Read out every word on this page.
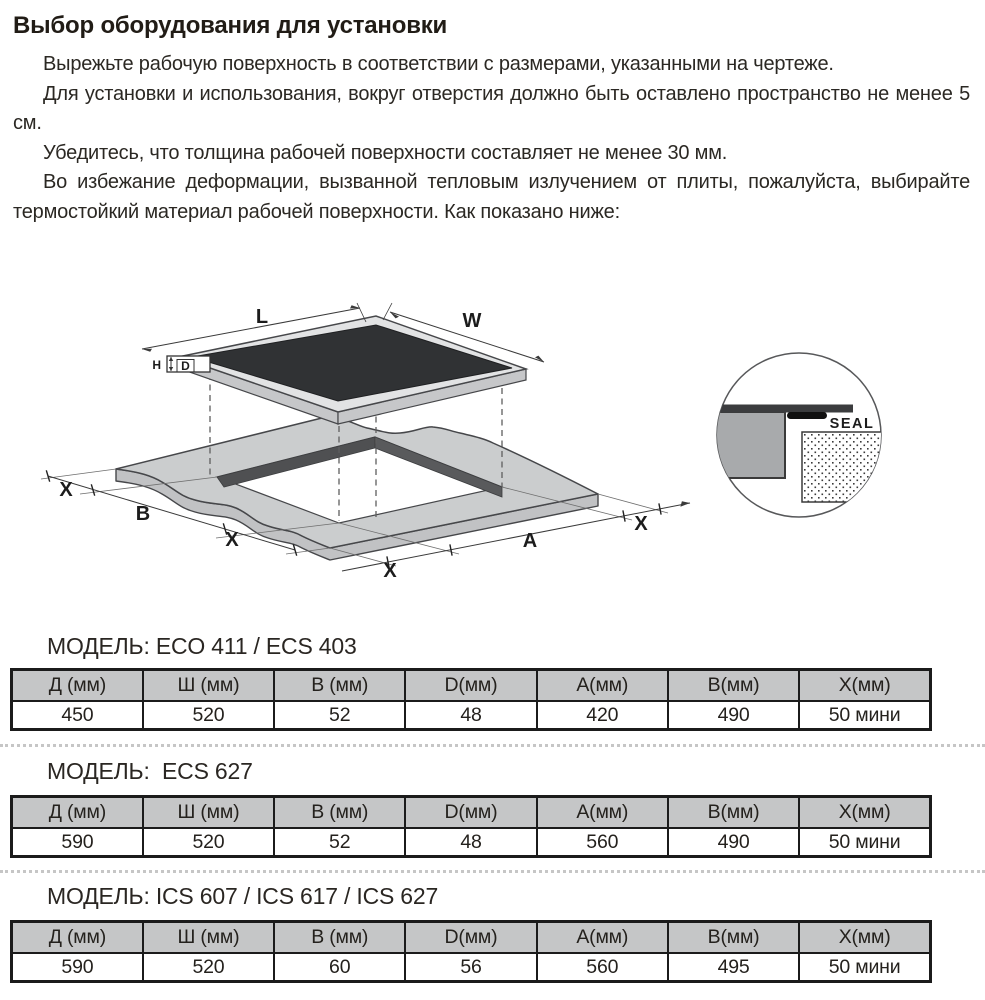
Выбор оборудования для установки

Вырежьте рабочую поверхность в соответствии с размерами, указанными на чертеже.

Для установки и использования, вокруг отверстия должно быть оставлено пространство не менее 5 см.

Убедитесь, что толщина рабочей поверхности составляет не менее 30 мм.

Во избежание деформации, вызванной тепловым излучением от плиты, пожалуйста, выбирайте термостойкий материал рабочей поверхности. Как показано ниже:

H D
L	W
X
B
X
X
A
X
SEAL
МОДЕЛЬ: ECO 411 / ECS 403
Д (мм)	Ш (мм)	В (мм)	D(мм)	А(мм)	В(мм)	Х(мм)
450	520	52	48	420	490	50 мини
МОДЕЛЬ:  ECS 627
Д (мм)	Ш (мм)	В (мм)	D(мм)	А(мм)	В(мм)	Х(мм)
590	520	52	48	560	490	50 мини
МОДЕЛЬ: ICS 607 / ICS 617 / ICS 627
Д (мм)	Ш (мм)	В (мм)	D(мм)	А(мм)	В(мм)	Х(мм)
590	520	60	56	560	495	50 мини
